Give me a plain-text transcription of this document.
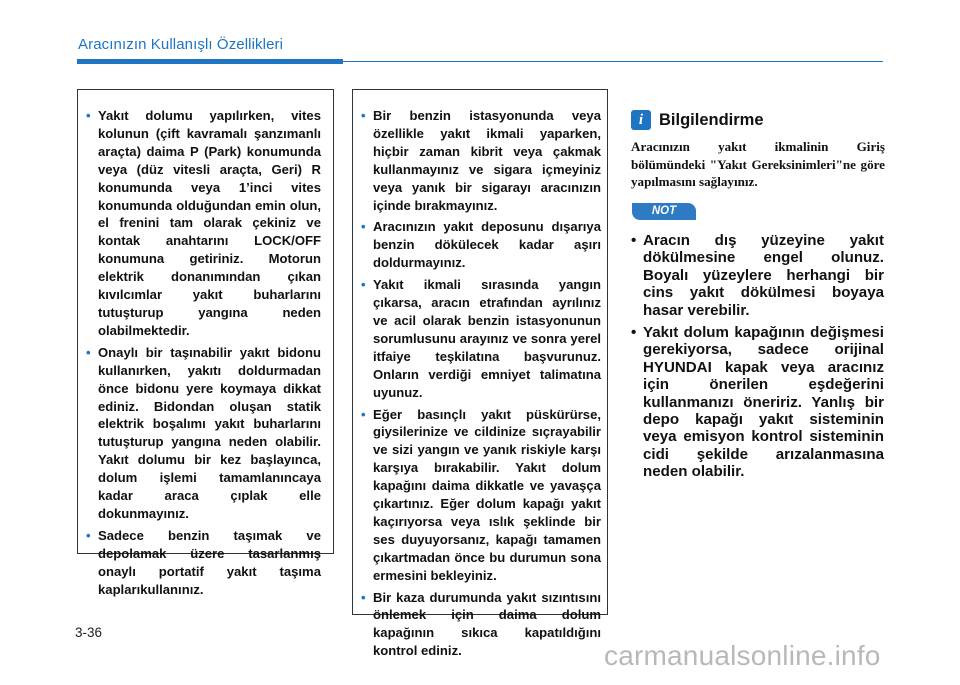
Aracınızın Kullanışlı Özellikleri
• Yakıt dolumu yapılırken, vites kolunun (çift kavramalı şanzımanlı araçta) daima P (Park) konumunda veya (düz vitesli araçta, Geri) R konumunda veya 1’inci vites konumunda olduğundan emin olun, el frenini tam olarak çekiniz ve kontak anahtarını LOCK/OFF konumuna getiriniz. Motorun elektrik donanımından çıkan kıvılcımlar yakıt buharlarını tutuşturup yangına neden olabilmektedir.
• Onaylı bir taşınabilir yakıt bidonu kullanırken, yakıtı doldurmadan önce bidonu yere koymaya dikkat ediniz. Bidondan oluşan statik elektrik boşalımı yakıt buharlarını tutuşturup yangına neden olabilir. Yakıt dolumu bir kez başlayınca, dolum işlemi tamamlanıncaya kadar araca çıplak elle dokunmayınız.
• Sadece benzin taşımak ve depolamak üzere tasarlanmış onaylı portatif yakıt taşıma kaplarıkullanınız.
• Bir benzin istasyonunda veya özellikle yakıt ikmali yaparken, hiçbir zaman kibrit veya çakmak kullanmayınız ve sigara içmeyiniz veya yanık bir sigarayı aracınızın içinde bırakmayınız.
• Aracınızın yakıt deposunu dışarıya benzin dökülecek kadar aşırı doldurmayınız.
• Yakıt ikmali sırasında yangın çıkarsa, aracın etrafından ayrılınız ve acil olarak benzin istasyonunun sorumlusunu arayınız ve sonra yerel itfaiye teşkilatına başvurunuz. Onların verdiği emniyet talimatına uyunuz.
• Eğer basınçlı yakıt püskürürse, giysilerinize ve cildinize sıçrayabilir ve sizi yangın ve yanık riskiyle karşı karşıya bırakabilir. Yakıt dolum kapağını daima dikkatle ve yavaşça çıkartınız. Eğer dolum kapağı yakıt kaçırıyorsa veya ıslık şeklinde bir ses duyuyorsanız, kapağı tamamen çıkartmadan önce bu durumun sona ermesini bekleyiniz.
• Bir kaza durumunda yakıt sızıntısını önlemek için daima dolum kapağının sıkıca kapatıldığını kontrol ediniz.
i Bilgilendirme
Aracınızın yakıt ikmalinin Giriş bölümündeki "Yakıt Gereksinimleri"ne göre yapılmasını sağlayınız.
NOT
• Aracın dış yüzeyine yakıt dökülmesine engel olunuz. Boyalı yüzeylere herhangi bir cins yakıt dökülmesi boyaya hasar verebilir.
• Yakıt dolum kapağının değişmesi gerekiyorsa, sadece orijinal HYUNDAI kapak veya aracınız için önerilen eşdeğerini kullanmanızı öneririz. Yanlış bir depo kapağı yakıt sisteminin veya emisyon kontrol sisteminin cidi şekilde arızalanmasına neden olabilir.
3-36
carmanualsonline.info
